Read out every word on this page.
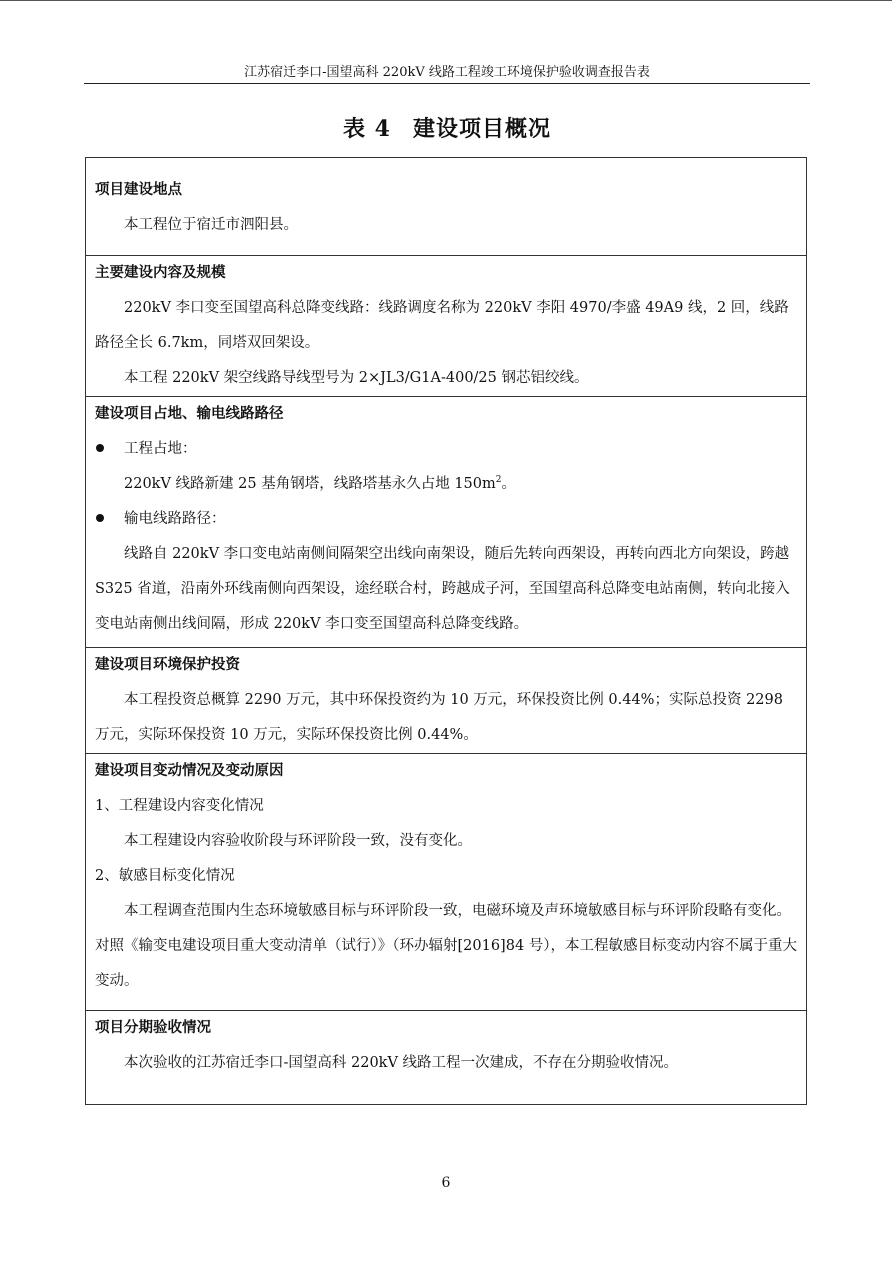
江苏宿迁李口-国望高科 220kV 线路工程竣工环境保护验收调查报告表
表 4 建设项目概况
项目建设地点
本工程位于宿迁市泗阳县。
主要建设内容及规模
220kV 李口变至国望高科总降变线路：线路调度名称为 220kV 李阳 4970/李盛 49A9 线，2 回，线路路径全长 6.7km，同塔双回架设。
本工程 220kV 架空线路导线型号为 2×JL3/G1A-400/25 钢芯铝绞线。
建设项目占地、输电线路路径
工程占地：
220kV 线路新建 25 基角钢塔，线路塔基永久占地 $150m^2$。
输电线路路径：
线路自 220kV 李口变电站南侧间隔架空出线向南架设，随后先转向西架设，再转向西北方向架设，跨越 S325 省道，沿南外环线南侧向西架设，途经联合村，跨越成子河，至国望高科总降变电站南侧，转向北接入变电站南侧出线间隔，形成 220kV 李口变至国望高科总降变线路。
建设项目环境保护投资
本工程投资总概算 2290 万元，其中环保投资约为 10 万元，环保投资比例 0.44%；实际总投资 2298 万元，实际环保投资 10 万元，实际环保投资比例 0.44%。
建设项目变动情况及变动原因
1、工程建设内容变化情况
本工程建设内容验收阶段与环评阶段一致，没有变化。
2、敏感目标变化情况
本工程调查范围内生态环境敏感目标与环评阶段一致，电磁环境及声环境敏感目标与环评阶段略有变化。对照《输变电建设项目重大变动清单（试行）》（环办辐射[2016]84 号），本工程敏感目标变动内容不属于重大变动。
项目分期验收情况
本次验收的江苏宿迁李口-国望高科 220kV 线路工程一次建成，不存在分期验收情况。
6
